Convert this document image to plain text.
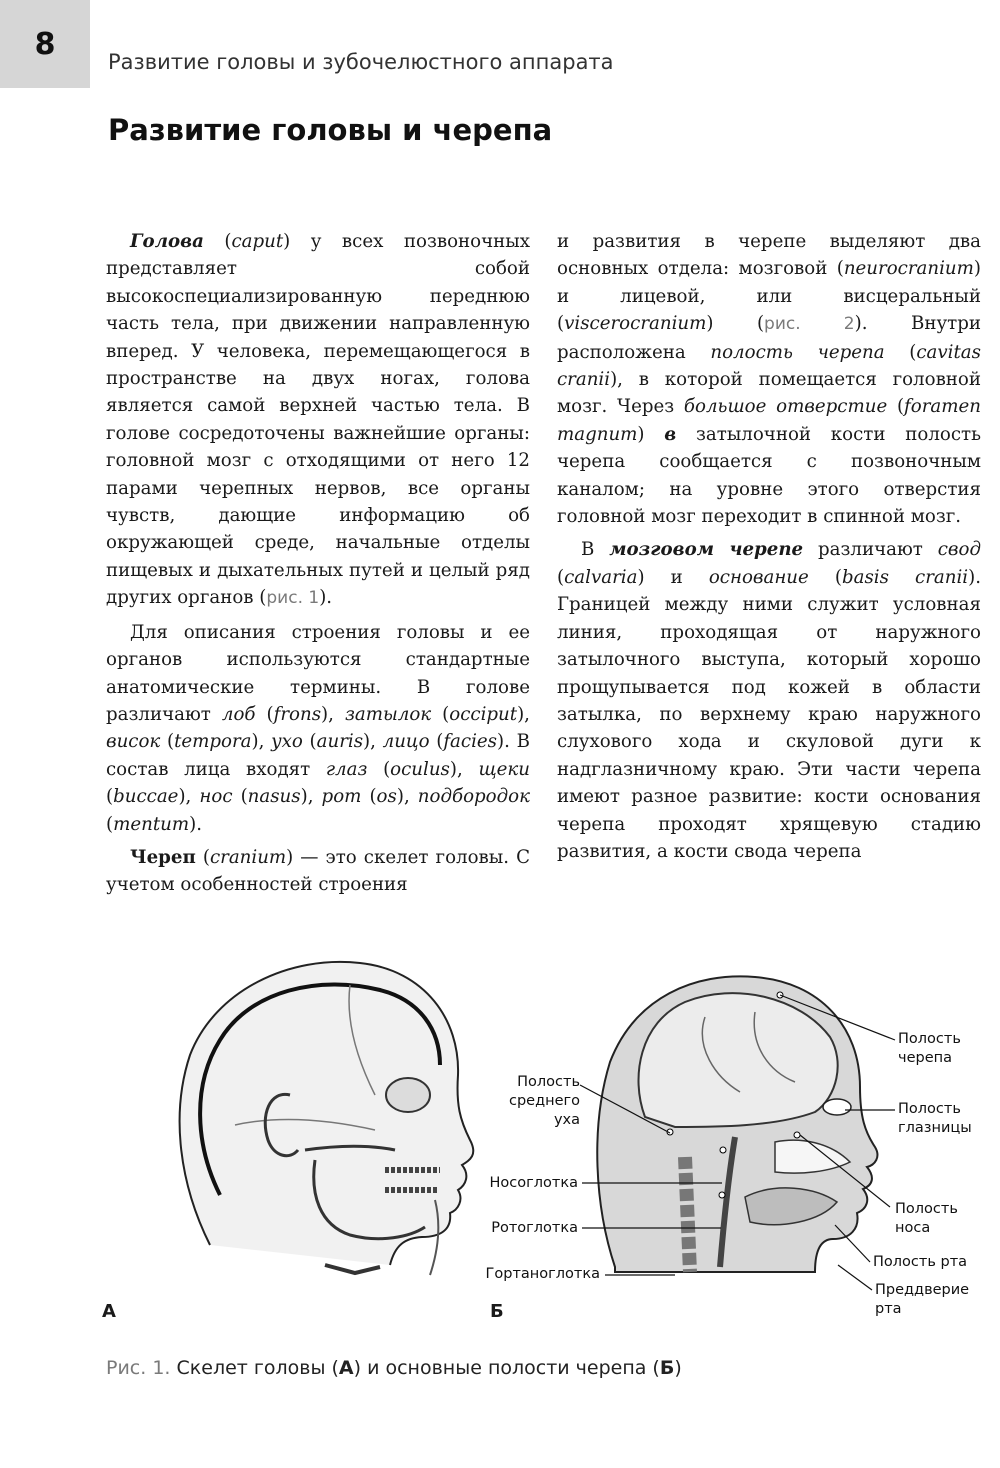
8
Развитие головы и зубочелюстного аппарата
Развитие головы и черепа

Голова (caput) у всех позвоночных представляет собой высокоспециализированную переднюю часть тела, при движении направленную вперед. У человека, перемещающегося в пространстве на двух ногах, голова является самой верхней частью тела. В голове сосредоточены важнейшие органы: головной мозг с отходящими от него 12 парами черепных нервов, все органы чувств, дающие информацию об окружающей среде, начальные отделы пищевых и дыхательных путей и целый ряд других органов (рис. 1).

Для описания строения головы и ее органов используются стандартные анатомические термины. В голове различают лоб (frons), затылок (occiput), висок (tempora), ухо (auris), лицо (facies). В состав лица входят глаз (oculus), щеки (buccae), нос (nasus), рот (os), подбородок (mentum).

Череп (cranium) — это скелет головы. С учетом особенностей строения

и развития в черепе выделяют два основных отдела: мозговой (neurocranium) и лицевой, или висцеральный (viscerocranium) (рис. 2). Внутри расположена полость черепа (cavitas cranii), в которой помещается головной мозг. Через большое отверстие (foramen magnum) в затылочной кости полость черепа сообщается с позвоночным каналом; на уровне этого отверстия головной мозг переходит в спинной мозг.

В мозговом черепе различают свод (calvaria) и основание (basis cranii). Границей между ними служит условная линия, проходящая от наружного затылочного выступа, который хорошо прощупывается под кожей в области затылка, по верхнему краю наружного слухового хода и скуловой дуги к надглазничному краю. Эти части черепа имеют разное развитие: кости основания черепа проходят хрящевую стадию развития, а кости свода черепа

А	Б
Полость черепа
Полость среднего уха
Полость глазницы
Носоглотка
Полость носа
Ротоглотка
Полость рта
Гортаноглотка
Преддверие рта
Рис. 1. Скелет головы (А) и основные полости черепа (Б)
